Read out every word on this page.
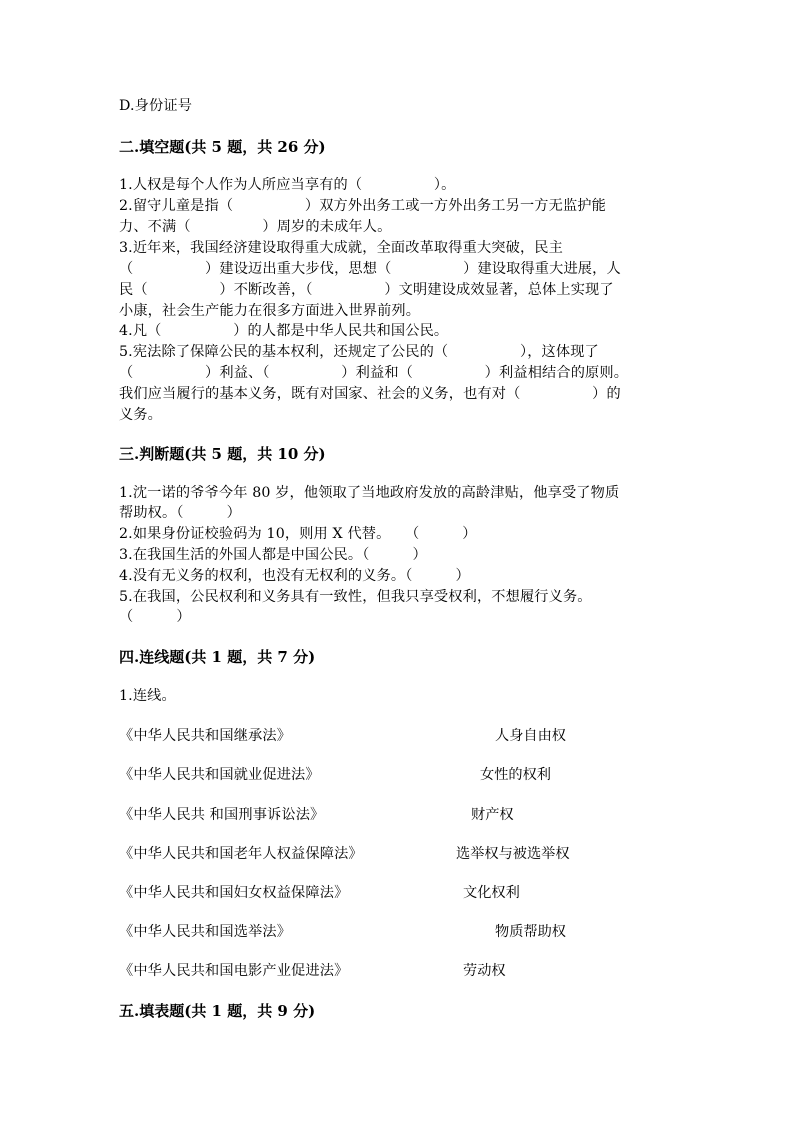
D.身份证号
二.填空题(共 5 题，共 26 分)
1.人权是每个人作为人所应当享有的（　　　　　）。
2.留守儿童是指（　　　　　）双方外出务工或一方外出务工另一方无监护能
力、不满（　　　　　）周岁的未成年人。
3.近年来，我国经济建设取得重大成就，全面改革取得重大突破，民主
（　　　　　）建设迈出重大步伐，思想（　　　　　）建设取得重大进展，人
民（　　　　　）不断改善，（　　　　　）文明建设成效显著，总体上实现了
小康，社会生产能力在很多方面进入世界前列。
4.凡（　　　　　）的人都是中华人民共和国公民。
5.宪法除了保障公民的基本权利，还规定了公民的（　　　　　），这体现了
（　　　　　）利益、（　　　　　）利益和（　　　　　）利益相结合的原则。
我们应当履行的基本义务，既有对国家、社会的义务，也有对（　　　　　）的
义务。
三.判断题(共 5 题，共 10 分)
1.沈一诺的爷爷今年 80 岁，他领取了当地政府发放的高龄津贴，他享受了物质
帮助权。（　　　）
2.如果身份证校验码为 10，则用 X 代替。　　（　　　）
3.在我国生活的外国人都是中国公民。（　　　）
4.没有无义务的权利，也没有无权利的义务。（　　　）
5.在我国，公民权利和义务具有一致性，但我只享受权利，不想履行义务。
（　　　）
四.连线题(共 1 题，共 7 分)
1.连线。
《中华人民共和国继承法》	人身自由权
《中华人民共和国就业促进法》	女性的权利
《中华人民共 和国刑事诉讼法》	财产权
《中华人民共和国老年人权益保障法》	选举权与被选举权
《中华人民共和国妇女权益保障法》	文化权利
《中华人民共和国选举法》	物质帮助权
《中华人民共和国电影产业促进法》	劳动权
五.填表题(共 1 题，共 9 分)
